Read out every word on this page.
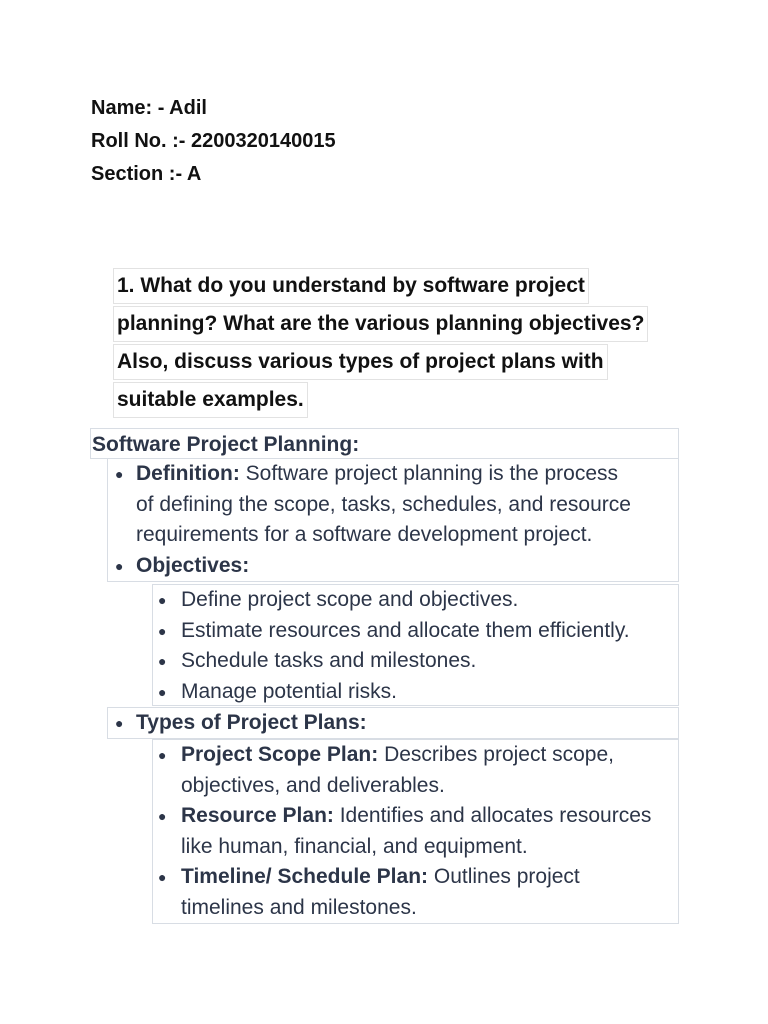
Name: - Adil
Roll No. :- 2200320140015
Section :- A
1. What do you understand by software project
planning? What are the various planning objectives?
Also, discuss various types of project plans with
suitable examples.
Software Project Planning:
● Definition: Software project planning is the process
of defining the scope, tasks, schedules, and resource
requirements for a software development project.
● Objectives:
● Define project scope and objectives.
● Estimate resources and allocate them efficiently.
● Schedule tasks and milestones.
● Manage potential risks.
● Types of Project Plans:
● Project Scope Plan: Describes project scope,
objectives, and deliverables.
● Resource Plan: Identifies and allocates resources
like human, financial, and equipment.
● Timeline/ Schedule Plan: Outlines project
timelines and milestones.
